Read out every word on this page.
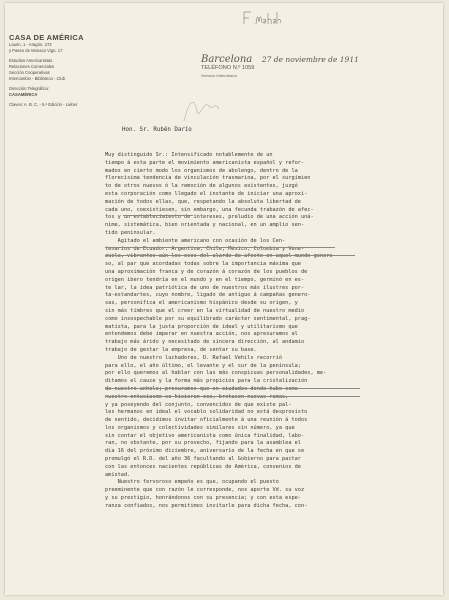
CASA DE AMÉRICA
Laurin, 1 - Aragón, 272
y Paseo de Monaco Vigo. 17
Estudios Americanistas
Relaciones Comerciales
Sección Cooperativas
Intercambio - Biblioteca - Club
Dirección Telegráfica:
CASAMÉRICA
Claves: A. B. C. - 5.ª Edición - Lieber
Barcelona 27 de noviembre de 1911
TELÉFONO N.º 1059
Servicio Interurbano
Hon. Sr. Rubén Darío
Muy distinguido Sr.: Intensificado notablemente de un
tiempo á esta parte el movimiento americanista español y refor-
mados en cierto modo los organismos de abolengo, dentro de la
florecisima tendencia de vinculación trasmarina, por el surgimien
to de otros nuevos ó la remoción de algunos existentes, juzgó
esta corporación como llegado el instante de iniciar una aproxi-
mación de todos ellas, que, respetando la absoluta libertad de
cada uno, coexistiesen, sin embargo, una fecunda trabazón de afec-
tos y un establecimiento de intereses, preludio de una acción uná-
nime, sistemática, bien orientada y nacional, en un amplio sen-
tido peninsular.
Agitado el ambiente americano con ocasión de los Cen-
tenarios de Ecuador, Argentina, Chile, México, Colombia y Vene-
zuela, vibrantes aún los ecos del alarde de afecto en aquel mundo genero-
so, al par que acordadas todas sobre la importancia máxima que
una aproximación franca y de corazón á corazón de los pueblos de
origen ibero tendría en el mundo y en el tiempo, germinó en es-
te lar, la idea patriótica de uno de nuestros más ilustres por-
ta-estandartes, cuyo nombre, ligado de antiguo á campañas genero-
sas, personifica el americanismo hispánico desde su origen, y
sin más timbres que el creer en la virtualidad de nuestro medio
como insospechable por su equilibrado carácter sentimental, prag-
matista, para la justa proporción de ideal y utilitarismo que
entendemos debe imperar en nuestra acción, nos apresuramos al
trabajo más árido y necesitado de sincera dirección, al andamio
trabajo de gestar la empresa, de sentar su base.
Uno de nuestro luchadores, D. Rafael Vehils recorrió
para ello, el año último, el levante y el sur de la península;
por ello queremos al hablar con las más conspicuas personalidades, me-
ditamos el cauce y la forma más propicios para la cristalización
de nuestro anhelo; procuramos que en ciudades donde hubo como
nuestro entusiasmo se hicieran eco, brotasen nuevas ramas,
y ya poseyendo del conjunto, convencidos de que existe pal-
les hermanos en ideal el vocablo solidaridad no está desprovisto
de sentido, decidimos invitar oficialmente á una reunión á todos
los organismos y colectividades similares sin número, ya que
sin contar el objetivo americanista como única finalidad, labo-
ran, no obstante, por su provecho, fijando para la asamblea el
día 16 del próximo diciembre, aniversario de la fecha en que se
promulgó el R.D. del año 36 facultando al Gobierno para pactar
con las entonces nacientes repúblicas de América, convenios de
amistad.
Nuestro fervoroso empeño es que, ocupando el puesto
preeminente que con razón le corresponde, nos aporte Vd. su voz
y su prestigio, honrándonos con su presencia; y con esta espe-
ranza confiados, nos permitimos invitarle para dicha fecha, con-
